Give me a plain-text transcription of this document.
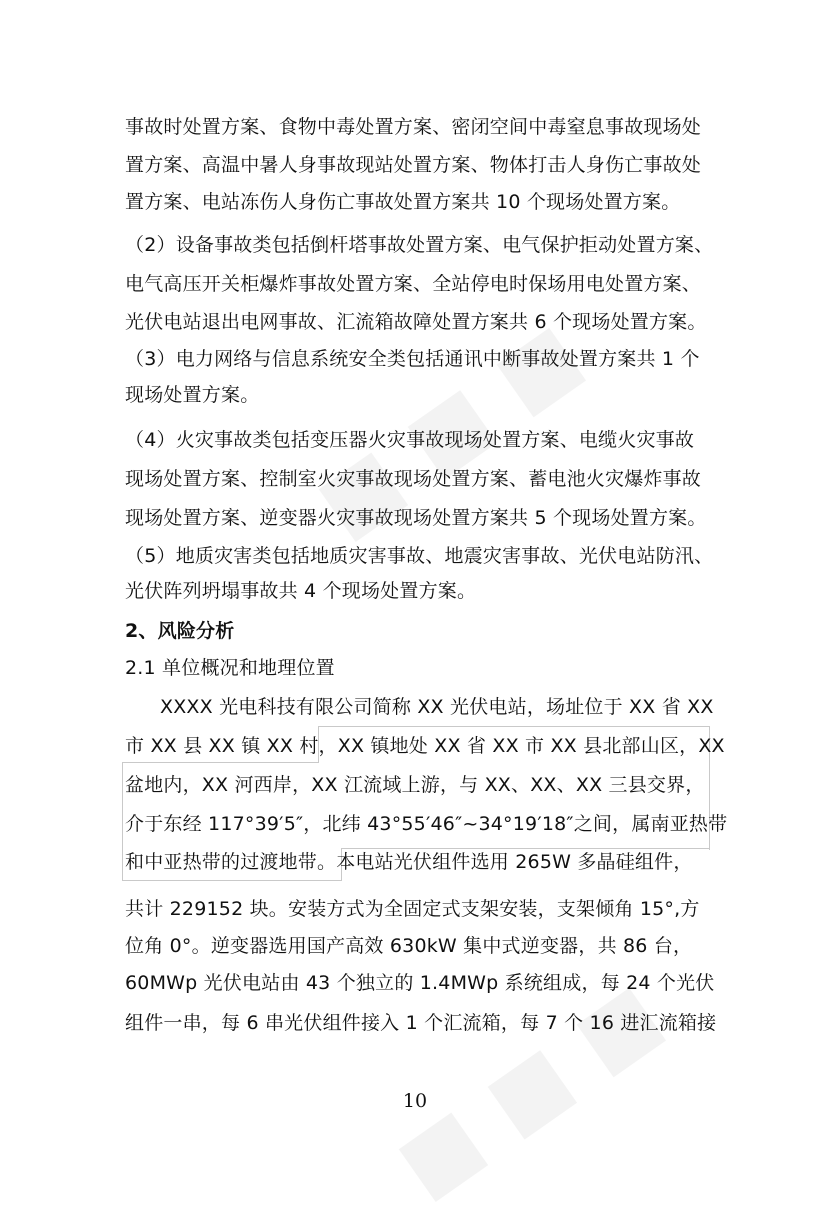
事故时处置方案、食物中毒处置方案、密闭空间中毒窒息事故现场处
置方案、高温中暑人身事故现站处置方案、物体打击人身伤亡事故处
置方案、电站冻伤人身伤亡事故处置方案共 10 个现场处置方案。
（2）设备事故类包括倒杆塔事故处置方案、电气保护拒动处置方案、
电气高压开关柜爆炸事故处置方案、全站停电时保场用电处置方案、
光伏电站退出电网事故、汇流箱故障处置方案共 6 个现场处置方案。
（3）电力网络与信息系统安全类包括通讯中断事故处置方案共 1 个
现场处置方案。
（4）火灾事故类包括变压器火灾事故现场处置方案、电缆火灾事故
现场处置方案、控制室火灾事故现场处置方案、蓄电池火灾爆炸事故
现场处置方案、逆变器火灾事故现场处置方案共 5 个现场处置方案。
（5）地质灾害类包括地质灾害事故、地震灾害事故、光伏电站防汛、
光伏阵列坍塌事故共 4 个现场处置方案。
2、风险分析
2.1 单位概况和地理位置
XXXX 光电科技有限公司简称 XX 光伏电站，场址位于 XX 省 XX
市 XX 县 XX 镇 XX 村，XX 镇地处 XX 省 XX 市 XX 县北部山区，XX
盆地内，XX 河西岸，XX 江流域上游，与 XX、XX、XX 三县交界，
介于东经 117°39′5″，北纬 43°55′46″~34°19′18″之间，属南亚热带
和中亚热带的过渡地带。本电站光伏组件选用 265W 多晶硅组件，
共计 229152 块。安装方式为全固定式支架安装，支架倾角 15°,方
位角 0°。逆变器选用国产高效 630kW 集中式逆变器，共 86 台，
60MWp 光伏电站由 43 个独立的 1.4MWp 系统组成，每 24 个光伏
组件一串，每 6 串光伏组件接入 1 个汇流箱，每 7 个 16 进汇流箱接
10
